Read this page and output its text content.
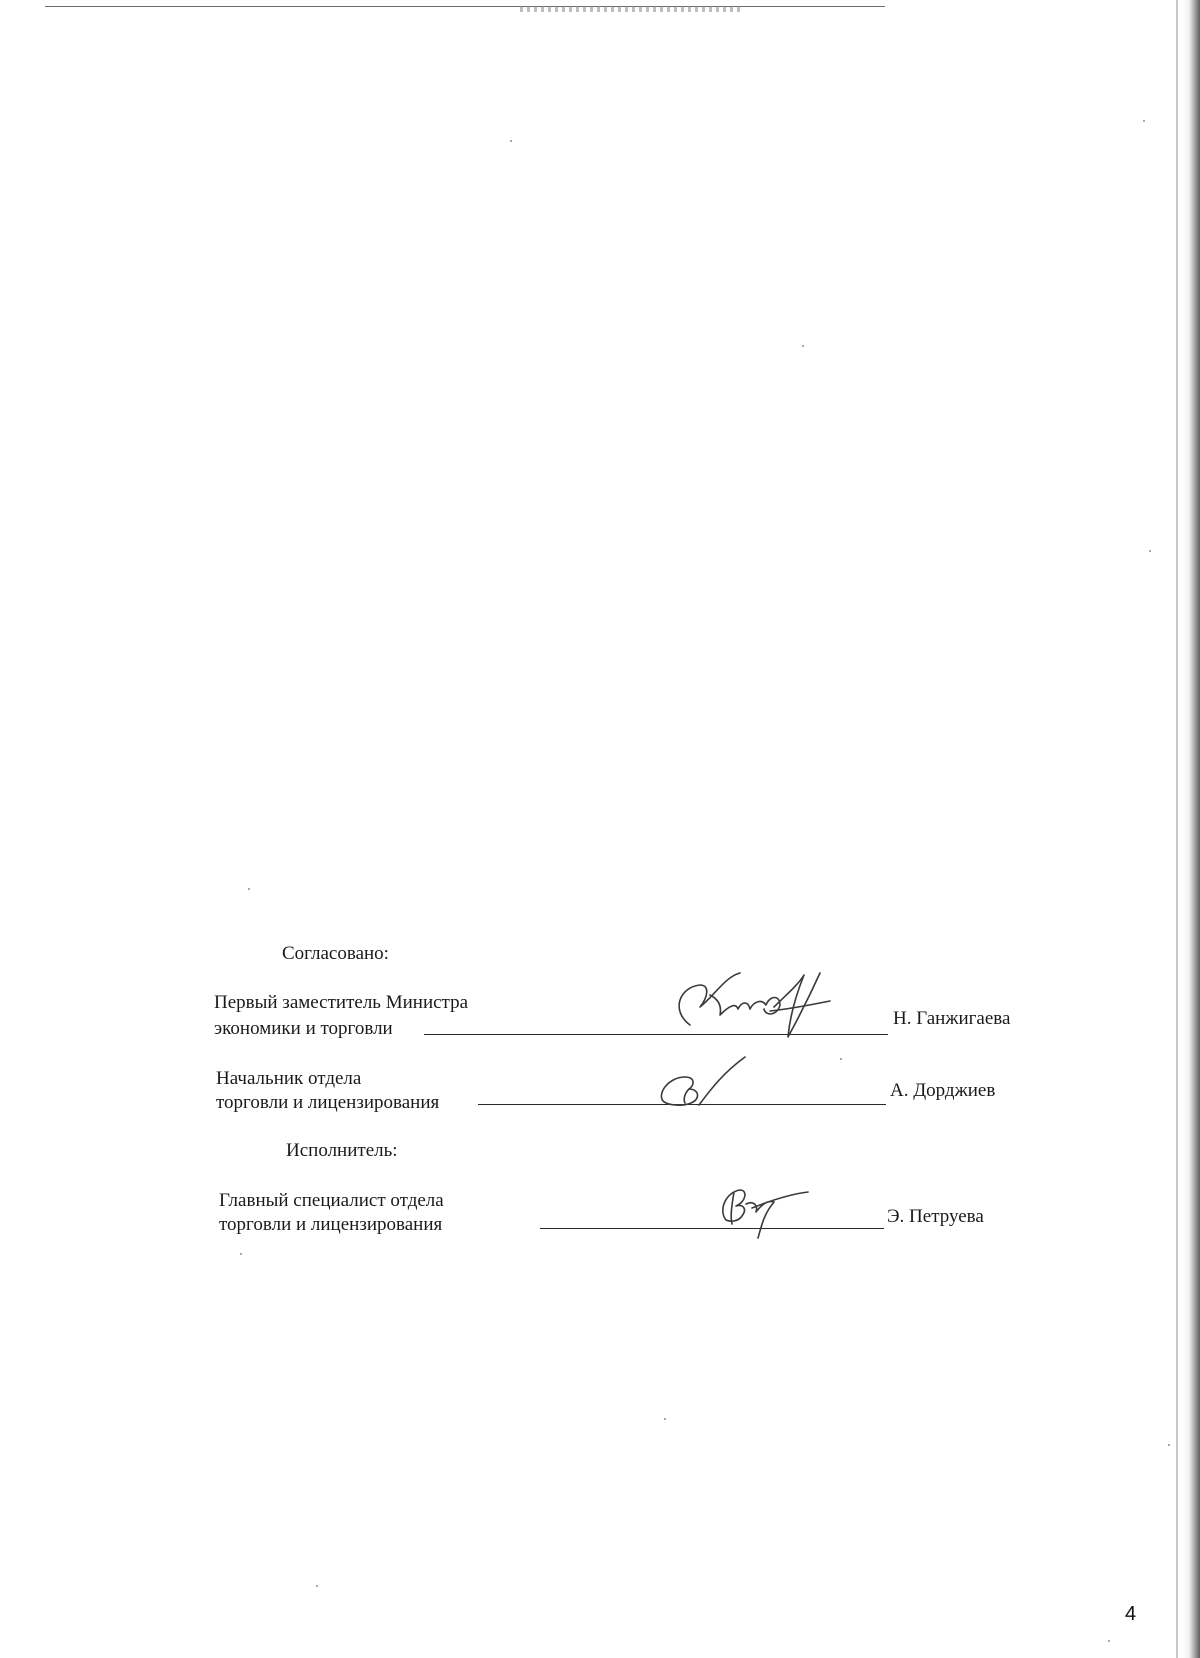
Согласовано:
Первый заместитель Министра
экономики и торговли	Н. Ганжигаева
Начальник отдела
торговли и лицензирования
А. Дорджиев
Исполнитель:
Главный специалист отдела
торговли и лицензирования	Э. Петруева
4
